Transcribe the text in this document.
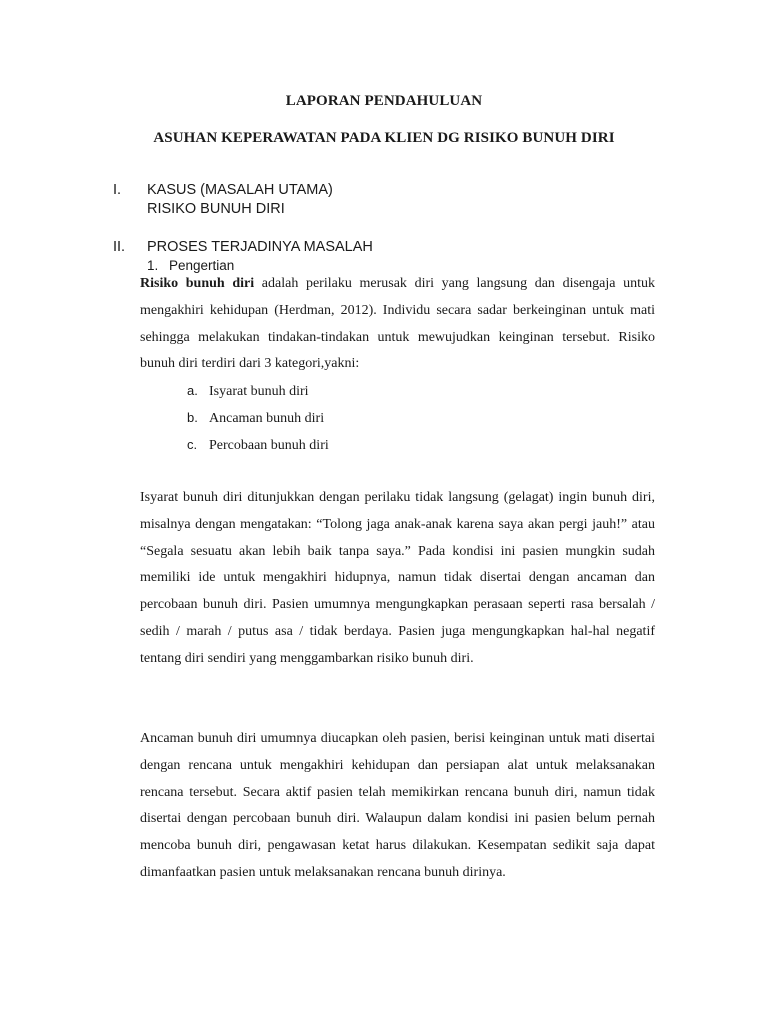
LAPORAN PENDAHULUAN
ASUHAN KEPERAWATAN PADA KLIEN DG RISIKO BUNUH DIRI
I. KASUS (MASALAH UTAMA)
RISIKO BUNUH DIRI
II. PROSES TERJADINYA MASALAH
1. Pengertian
Risiko bunuh diri adalah perilaku merusak diri yang langsung dan disengaja untuk mengakhiri kehidupan (Herdman, 2012). Individu secara sadar berkeinginan untuk mati sehingga melakukan tindakan-tindakan untuk mewujudkan keinginan tersebut. Risiko bunuh diri terdiri dari 3 kategori,yakni:
a. Isyarat bunuh diri
b. Ancaman bunuh diri
c. Percobaan bunuh diri
Isyarat bunuh diri ditunjukkan dengan perilaku tidak langsung (gelagat) ingin bunuh diri, misalnya dengan mengatakan: “Tolong jaga anak-anak karena saya akan pergi jauh!” atau “Segala sesuatu akan lebih baik tanpa saya.” Pada kondisi ini pasien mungkin sudah memiliki ide untuk mengakhiri hidupnya, namun tidak disertai dengan ancaman dan percobaan bunuh diri. Pasien umumnya mengungkapkan perasaan seperti rasa bersalah / sedih / marah / putus asa / tidak berdaya. Pasien juga mengungkapkan hal-hal negatif tentang diri sendiri yang menggambarkan risiko bunuh diri.
Ancaman bunuh diri umumnya diucapkan oleh pasien, berisi keinginan untuk mati disertai dengan rencana untuk mengakhiri kehidupan dan persiapan alat untuk melaksanakan rencana tersebut. Secara aktif pasien telah memikirkan rencana bunuh diri, namun tidak disertai dengan percobaan bunuh diri. Walaupun dalam kondisi ini pasien belum pernah mencoba bunuh diri, pengawasan ketat harus dilakukan. Kesempatan sedikit saja dapat dimanfaatkan pasien untuk melaksanakan rencana bunuh dirinya.
